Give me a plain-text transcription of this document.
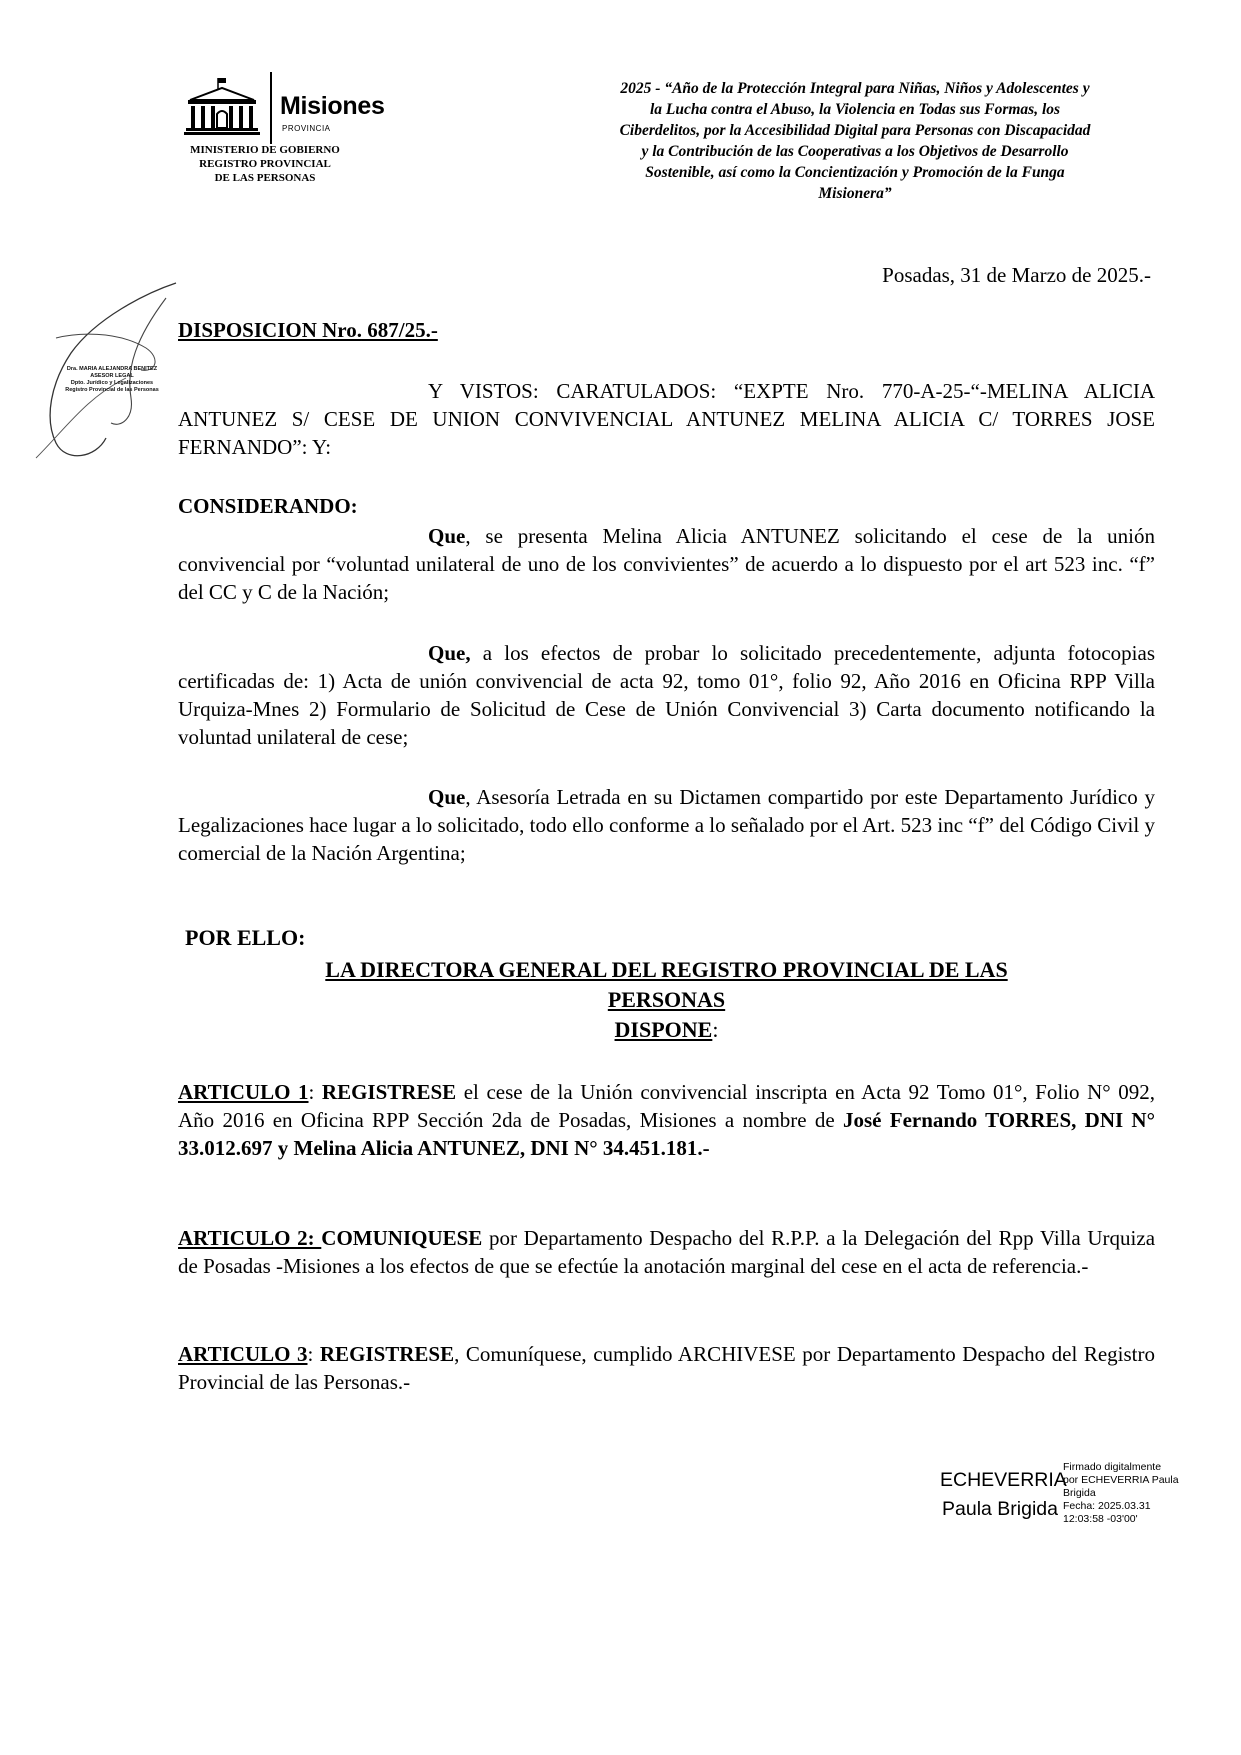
Misiones
PROVINCIA
MINISTERIO DE GOBIERNO
REGISTRO PROVINCIAL
DE LAS PERSONAS
2025 - “Año de la Protección Integral para Niñas, Niños y Adolescentes y
la Lucha contra el Abuso, la Violencia en Todas sus Formas, los
Ciberdelitos, por la Accesibilidad Digital para Personas con Discapacidad
y la Contribución de las Cooperativas a los Objetivos de Desarrollo
Sostenible, así como la Concientización y Promoción de la Funga
Misionera”
Posadas, 31 de Marzo de 2025.-
Dra. MARIA ALEJANDRA BENITEZ
ASESOR LEGAL
Dpto. Jurídico y Legalizaciones
Registro Provincial de las Personas
DISPOSICION Nro. 687/25.-
Y VISTOS: CARATULADOS: “EXPTE Nro. 770-A-25-“-MELINA ALICIA ANTUNEZ S/ CESE DE UNION CONVIVENCIAL ANTUNEZ MELINA ALICIA C/ TORRES JOSE FERNANDO”: Y:
CONSIDERANDO:
Que, se presenta Melina Alicia ANTUNEZ solicitando el cese de la unión convivencial por “voluntad unilateral de uno de los convivientes” de acuerdo a lo dispuesto por el art 523 inc. “f” del CC y C de la Nación;
Que, a los efectos de probar lo solicitado precedentemente, adjunta fotocopias certificadas de: 1) Acta de unión convivencial de acta 92, tomo 01°, folio 92, Año 2016 en Oficina RPP Villa Urquiza-Mnes 2) Formulario de Solicitud de Cese de Unión Convivencial 3) Carta documento notificando la voluntad unilateral de cese;
Que, Asesoría Letrada en su Dictamen compartido por este Departamento Jurídico y Legalizaciones hace lugar a lo solicitado, todo ello conforme a lo señalado por el Art. 523 inc “f” del Código Civil y comercial de la Nación Argentina;
POR ELLO:
LA DIRECTORA GENERAL DEL REGISTRO PROVINCIAL DE LAS
PERSONAS
DISPONE:
ARTICULO 1: REGISTRESE el cese de la Unión convivencial inscripta en Acta 92 Tomo 01°, Folio N° 092, Año 2016 en Oficina RPP Sección 2da de Posadas, Misiones a nombre de José Fernando TORRES, DNI N° 33.012.697 y Melina Alicia ANTUNEZ, DNI N° 34.451.181.-
ARTICULO 2: COMUNIQUESE por Departamento Despacho del R.P.P. a la Delegación del Rpp Villa Urquiza de Posadas -Misiones a los efectos de que se efectúe la anotación marginal del cese en el acta de referencia.-
ARTICULO 3: REGISTRESE, Comuníquese, cumplido ARCHIVESE por Departamento Despacho del Registro Provincial de las Personas.-
ECHEVERRIA
Paula Brigida
Firmado digitalmente
por ECHEVERRIA Paula
Brigida
Fecha: 2025.03.31
12:03:58 -03'00'
